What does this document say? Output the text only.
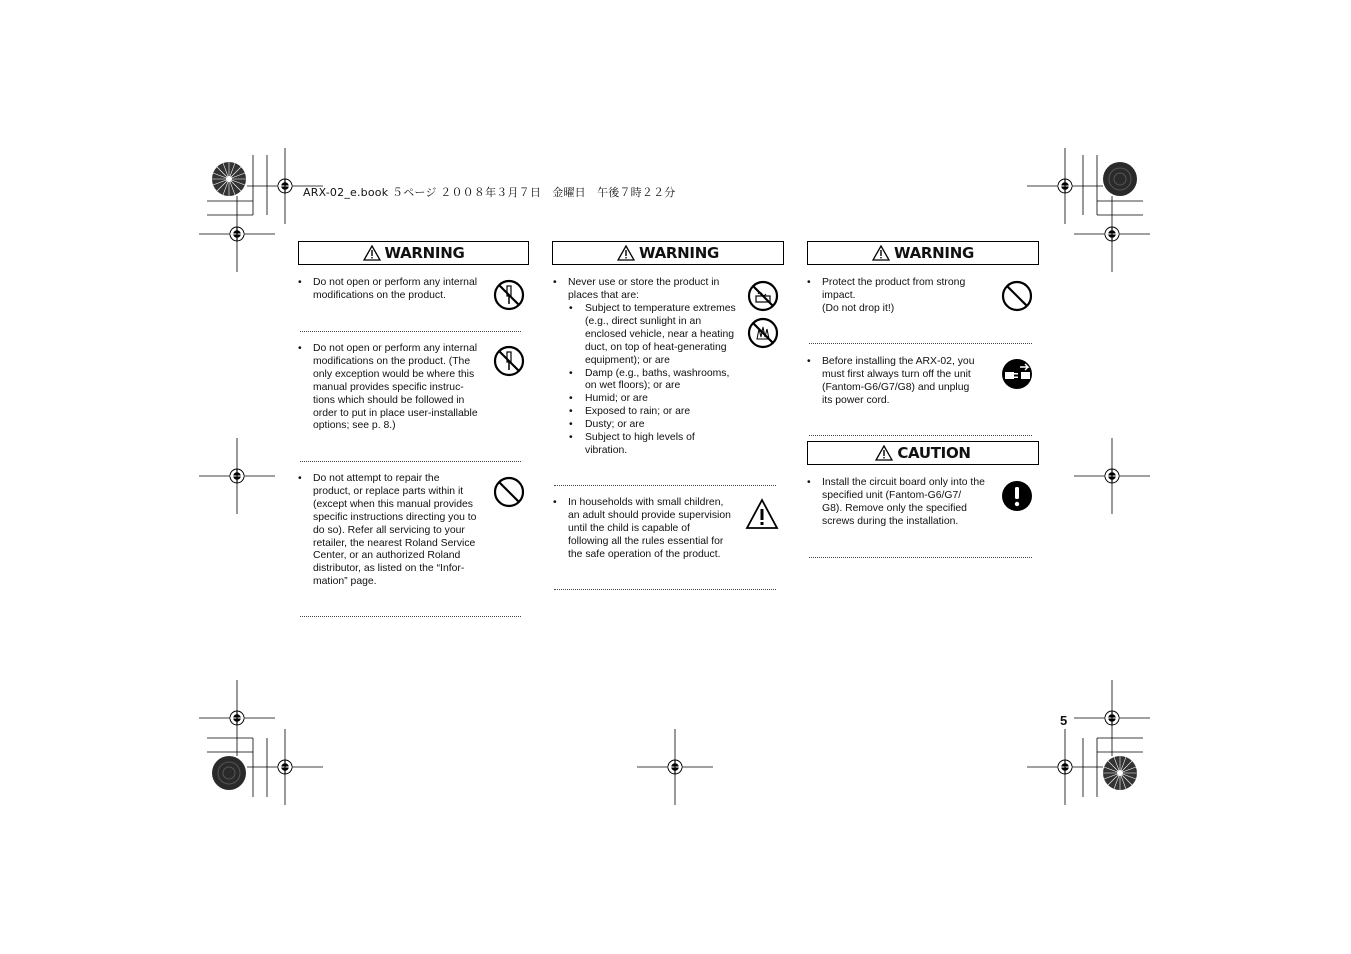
ARX-02_e.book ５ページ ２００８年３月７日　金曜日　午後７時２２分
5
WARNING
• Do not open or perform any internal
modifications on the product.
• Do not open or perform any internal
modifications on the product. (The
only exception would be where this
manual provides specific instruc-
tions which should be followed in
order to put in place user-installable
options; see p. 8.)
• Do not attempt to repair the
product, or replace parts within it
(except when this manual provides
specific instructions directing you to
do so). Refer all servicing to your
retailer, the nearest Roland Service
Center, or an authorized Roland
distributor, as listed on the “Infor-
mation” page.
WARNING
• Never use or store the product in
places that are:
• Subject to temperature extremes
(e.g., direct sunlight in an
enclosed vehicle, near a heating
duct, on top of heat-generating
equipment); or are
• Damp (e.g., baths, washrooms,
on wet floors); or are
• Humid; or are
• Exposed to rain; or are
• Dusty; or are
• Subject to high levels of
vibration.
• In households with small children,
an adult should provide supervision
until the child is capable of
following all the rules essential for
the safe operation of the product.
WARNING
• Protect the product from strong
impact.
(Do not drop it!)
• Before installing the ARX-02, you
must first always turn off the unit
(Fantom-G6/G7/G8) and unplug
its power cord.
CAUTION
• Install the circuit board only into the
specified unit (Fantom-G6/G7/
G8). Remove only the specified
screws during the installation.
